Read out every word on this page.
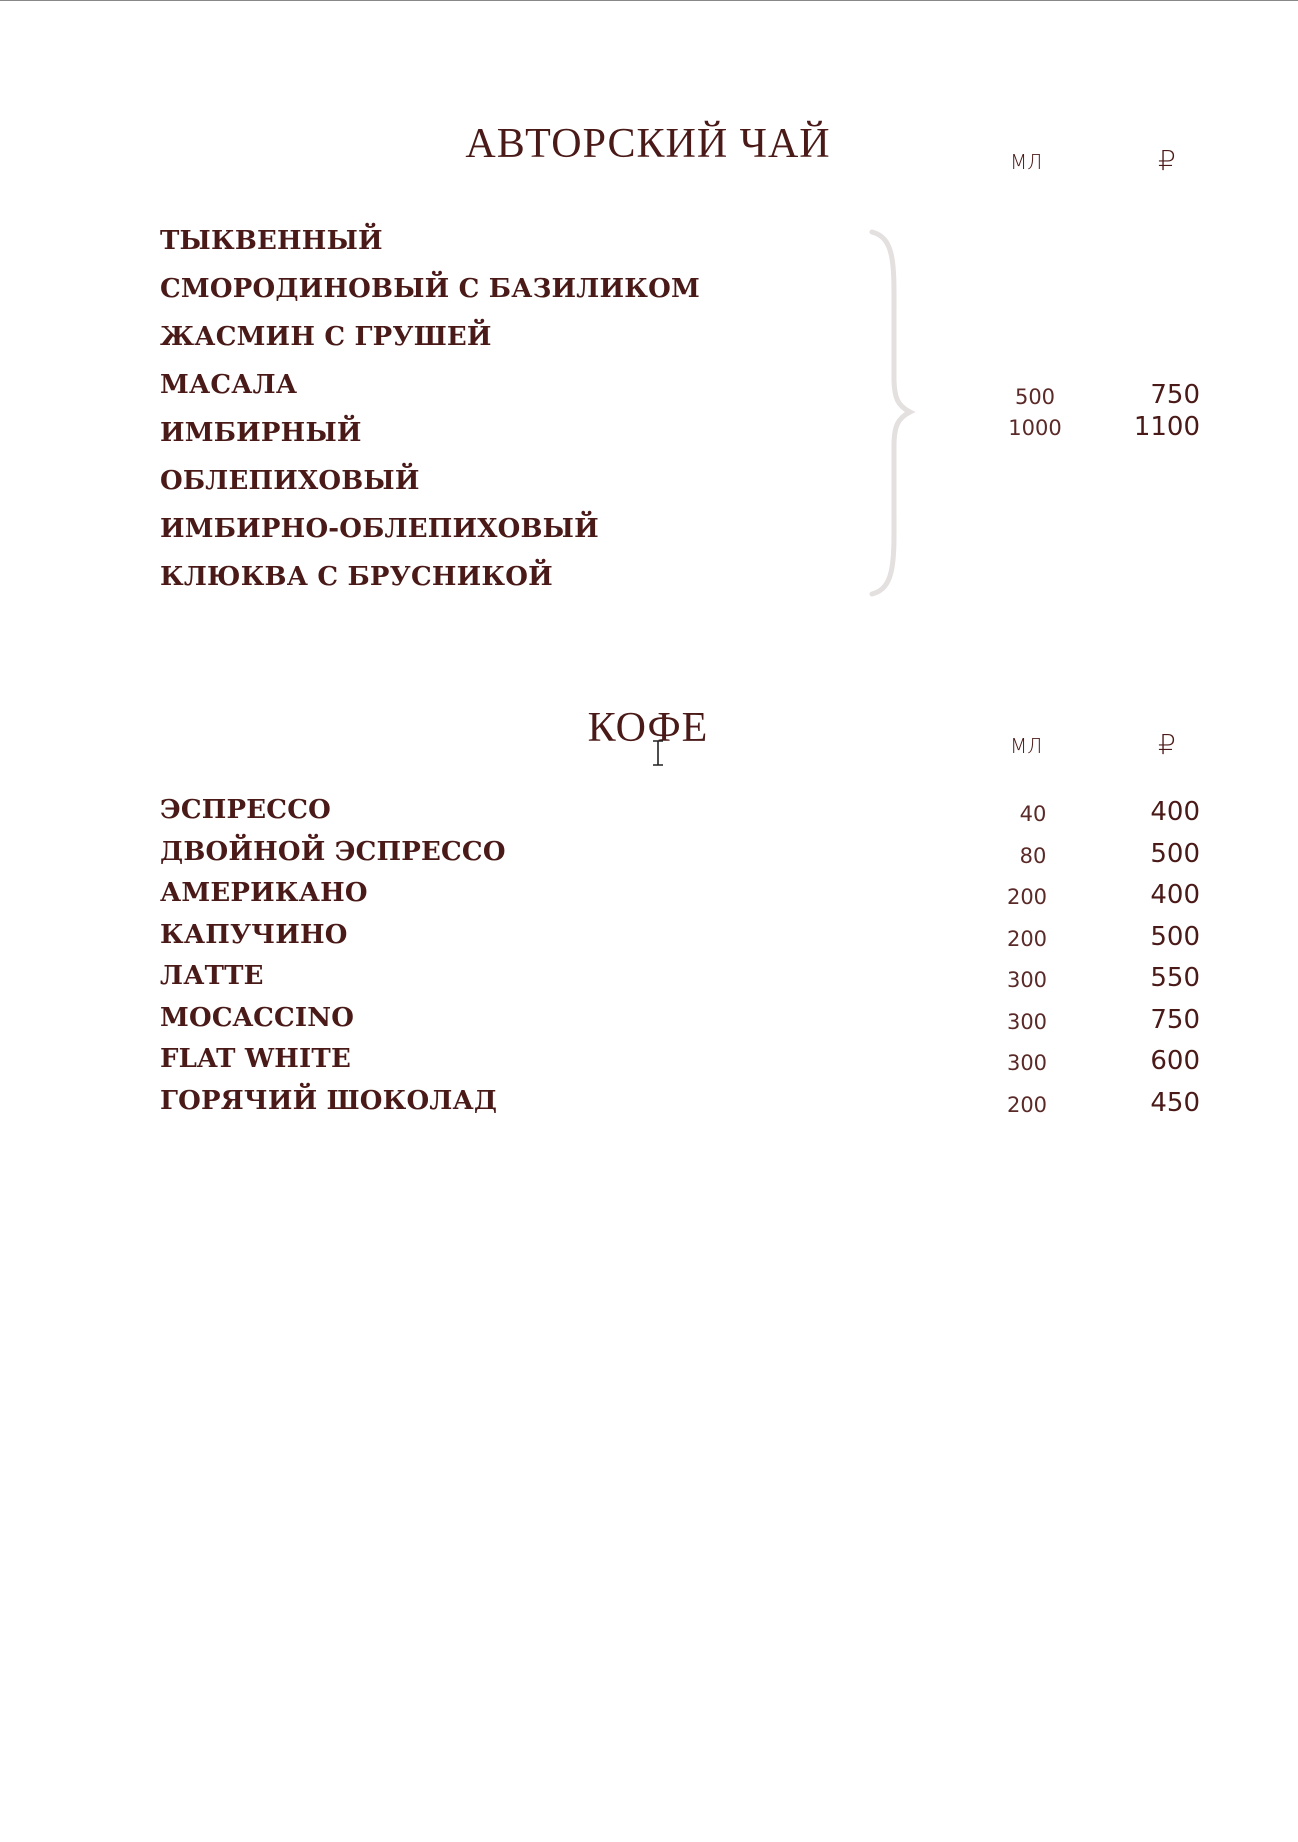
АВТОРСКИЙ ЧАЙ	МЛ	₽
ТЫКВЕННЫЙ
СМОРОДИНОВЫЙ С БАЗИЛИКОМ
ЖАСМИН С ГРУШЕЙ
МАСАЛА
ИМБИРНЫЙ
ОБЛЕПИХОВЫЙ
ИМБИРНО-ОБЛЕПИХОВЫЙ
КЛЮКВА С БРУСНИКОЙ
500	750
1000	1100
КОФЕ	МЛ	₽
ЭСПРЕССО	40	400
ДВОЙНОЙ ЭСПРЕССО	80	500
АМЕРИКАНО	200	400
КАПУЧИНО	200	500
ЛАТТЕ	300	550
MOCACCINO	300	750
FLAT WHITE	300	600
ГОРЯЧИЙ ШОКОЛАД	200	450
